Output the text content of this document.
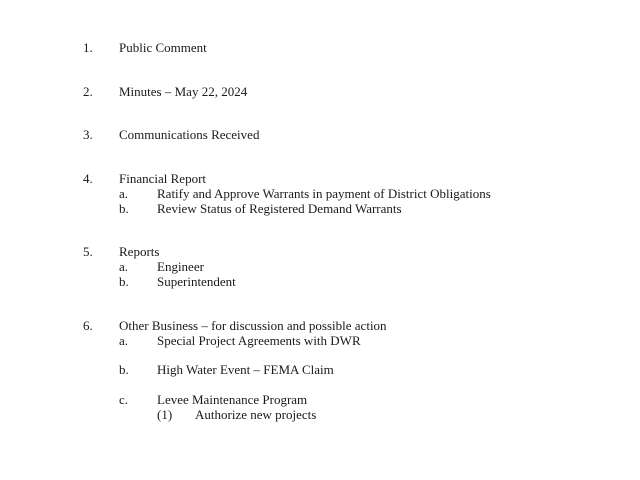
1. Public Comment
2. Minutes – May 22, 2024
3. Communications Received
4. Financial Report
a. Ratify and Approve Warrants in payment of District Obligations
b. Review Status of Registered Demand Warrants
5. Reports
a. Engineer
b. Superintendent
6. Other Business – for discussion and possible action
a. Special Project Agreements with DWR
b. High Water Event – FEMA Claim
c. Levee Maintenance Program
(1) Authorize new projects
